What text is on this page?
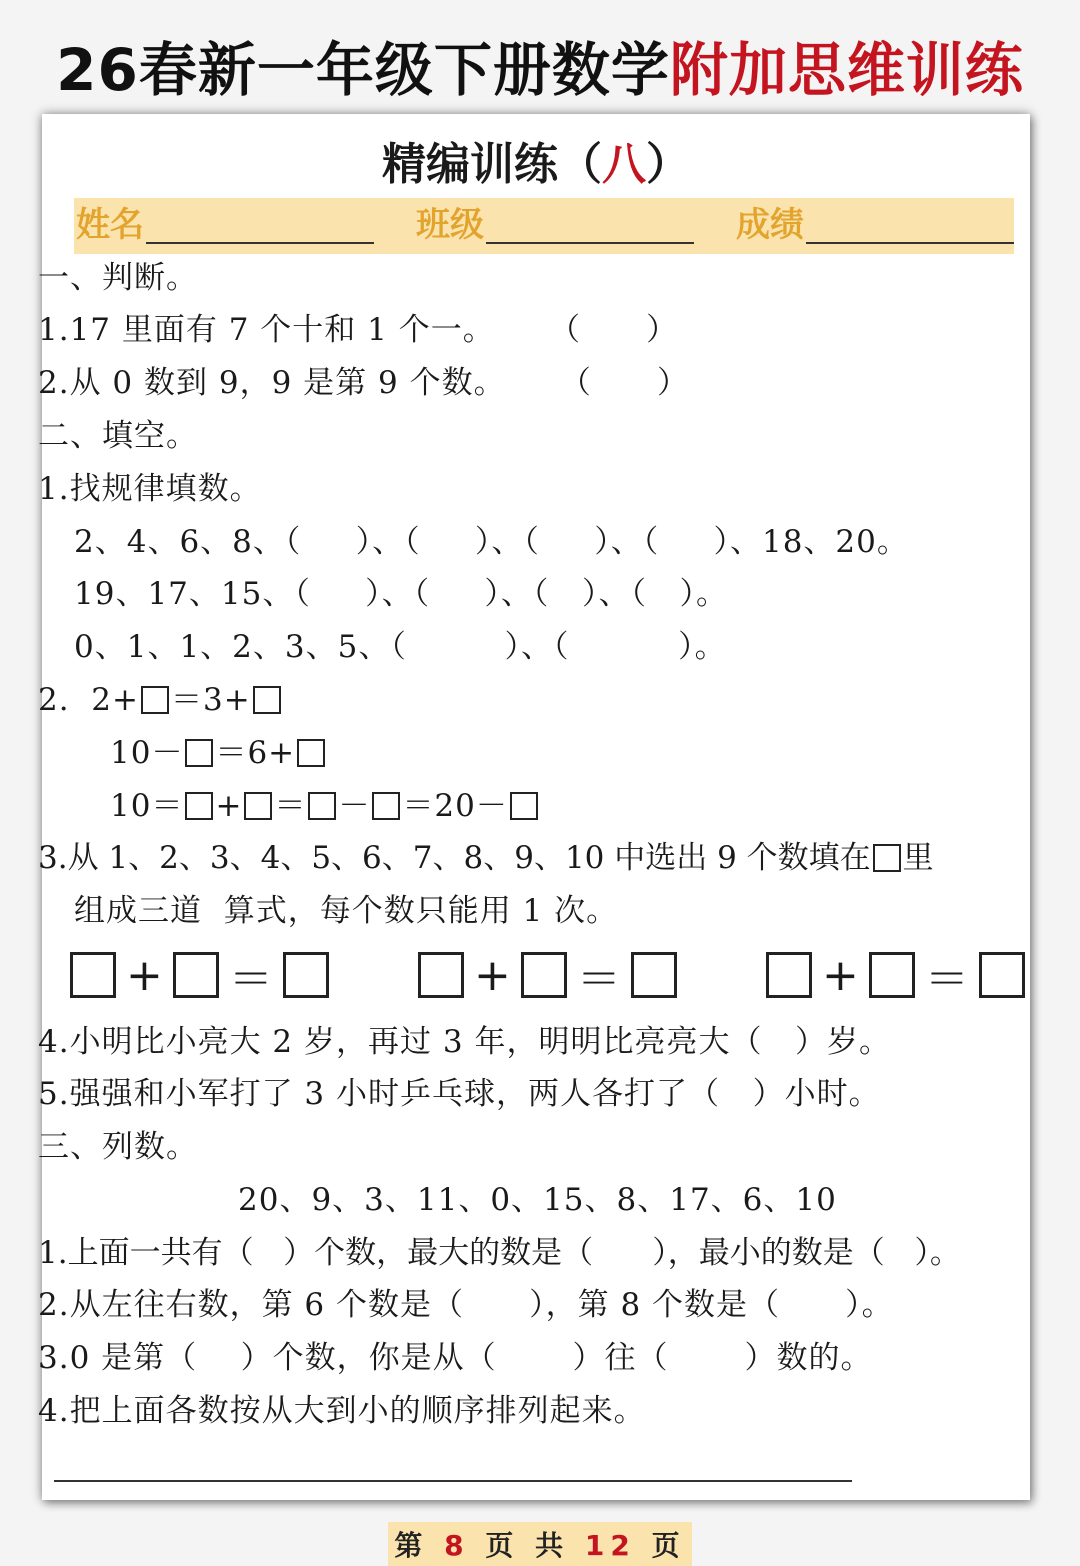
26春新一年级下册数学附加思维训练
精编训练（八）
姓名	班级	成绩
一、判断。
1.17 里面有 7 个十和 1 个一。     （      ）
2.从 0 数到 9，9 是第 9 个数。     （      ）
二、填空。
1.找规律填数。
2、4、6、8、（     ）、（     ）、（     ）、（     ）、18、20。
19、17、15、（     ）、（     ）、（   ）、（   ）。
0、1、1、2、3、5、（         ）、（          ）。
2. 2+ ＝3+
10－ ＝6+
10＝ + ＝ － ＝20－
3.从 1、2、3、4、5、6、7、8、9、10 中选出 9 个数填在 里
组成三道  算式，每个数只能用 1 次。
+ ＝	+ ＝	+ ＝
4.小明比小亮大 2 岁，再过 3 年，明明比亮亮大（   ）岁。
5.强强和小军打了 3 小时乒乓球，两人各打了（   ）小时。
三、列数。
20、9、3、11、0、15、8、17、6、10
1.上面一共有（   ）个数，最大的数是（      ），最小的数是（   ）。
2.从左往右数，第 6 个数是（      ），第 8 个数是（      ）。
3.0 是第（    ）个数，你是从（       ）往（       ）数的。
4.把上面各数按从大到小的顺序排列起来。
第 8 页 共 12 页
